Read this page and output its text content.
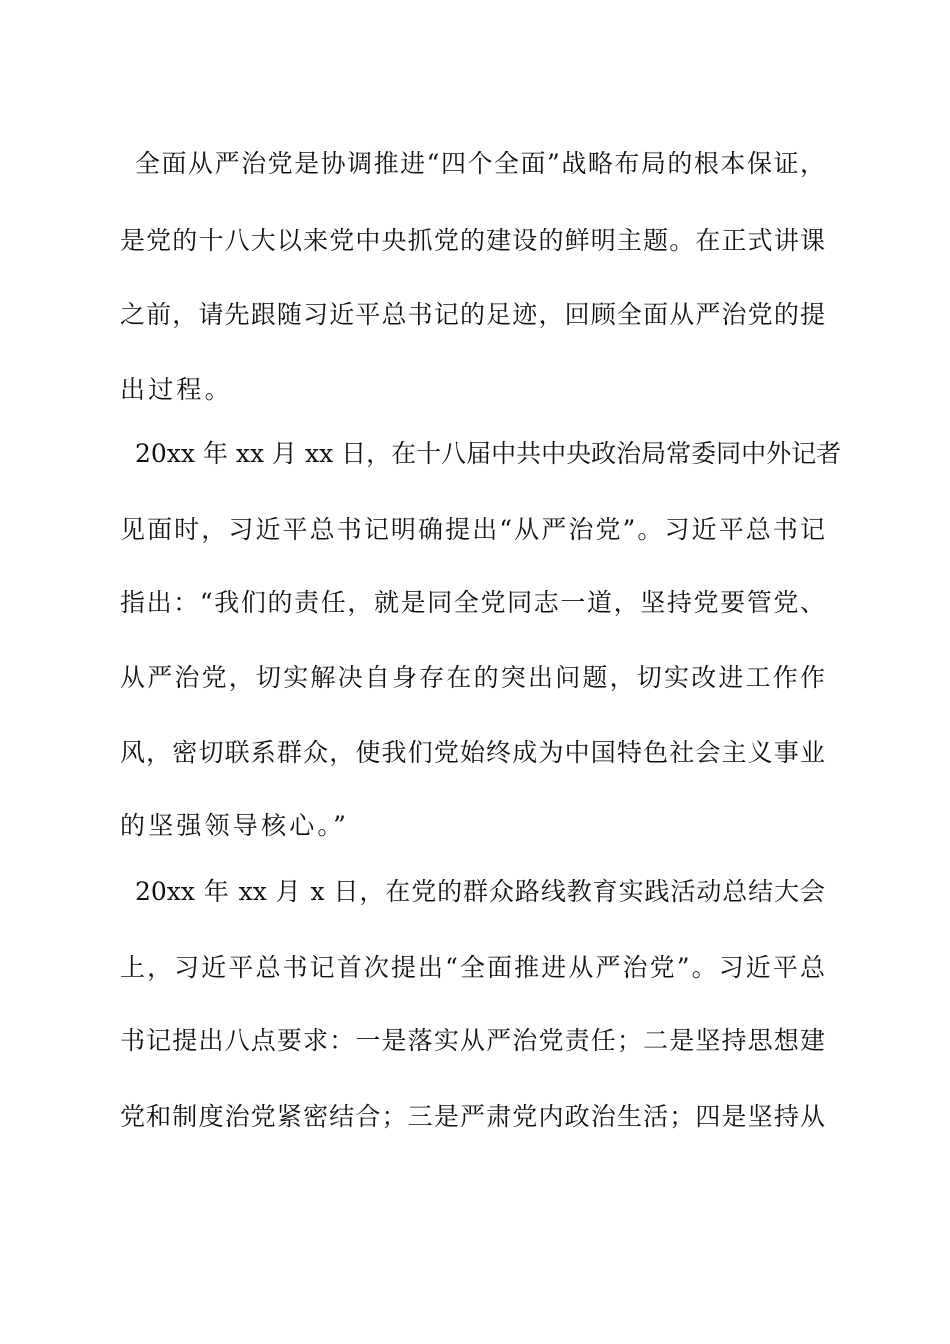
全面从严治党是协调推进“四个全面”战略布局的根本保证，
是党的十八大以来党中央抓党的建设的鲜明主题。在正式讲课
之前，请先跟随习近平总书记的足迹，回顾全面从严治党的提
出过程。
20xx 年 xx 月 xx 日，在十八届中共中央政治局常委同中外记者
见面时，习近平总书记明确提出“从严治党”。习近平总书记
指出：“我们的责任，就是同全党同志一道，坚持党要管党、
从严治党，切实解决自身存在的突出问题，切实改进工作作
风，密切联系群众，使我们党始终成为中国特色社会主义事业
的坚强领导核心。”
20xx 年 xx 月 x 日，在党的群众路线教育实践活动总结大会
上，习近平总书记首次提出“全面推进从严治党”。习近平总
书记提出八点要求：一是落实从严治党责任；二是坚持思想建
党和制度治党紧密结合；三是严肃党内政治生活；四是坚持从
